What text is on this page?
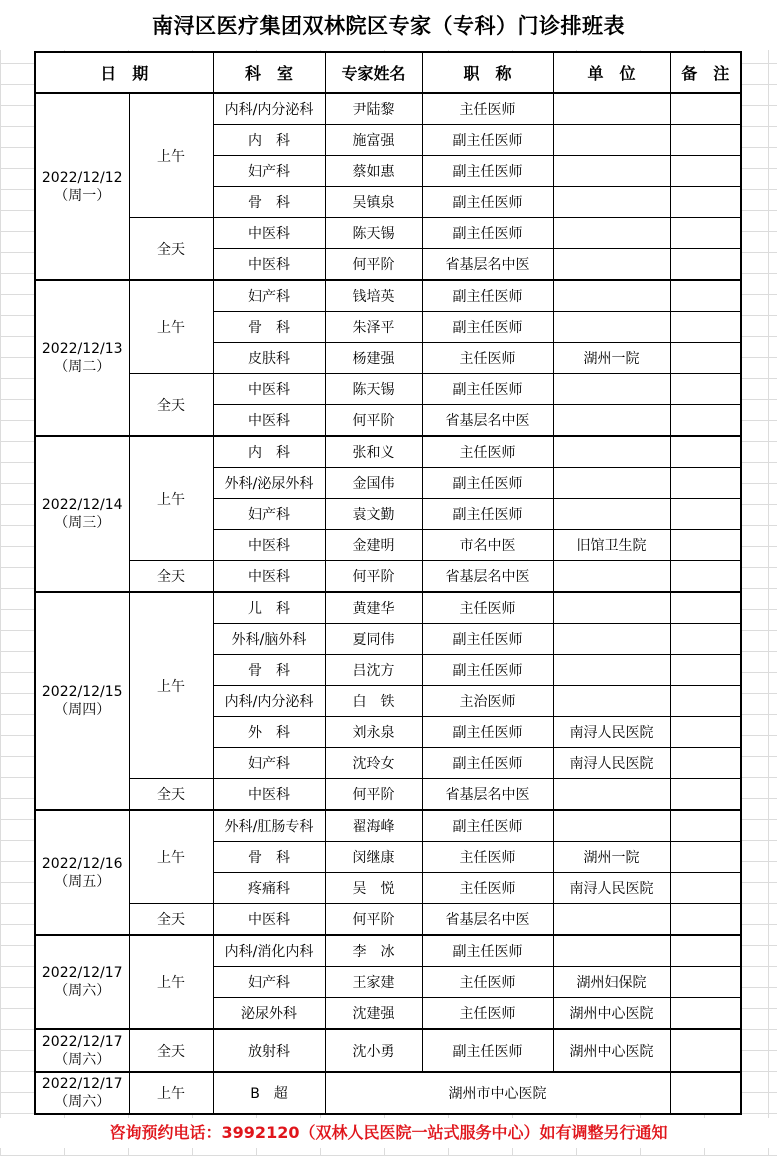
南浔区医疗集团双林院区专家（专科）门诊排班表
日　期		科　室	专家姓名	职　称	单　位	备　注
2022/12/12
（周一）	上午	内科/内分泌科	尹陆黎	主任医师		
		内　科	施富强	副主任医师		
		妇产科	蔡如惠	副主任医师		
		骨　科	吴镇泉	副主任医师		
	全天	中医科	陈天锡	副主任医师		
		中医科	何平阶	省基层名中医		
2022/12/13
（周二）	上午	妇产科	钱培英	副主任医师		
		骨　科	朱泽平	副主任医师		
		皮肤科	杨建强	主任医师	湖州一院	
	全天	中医科	陈天锡	副主任医师		
		中医科	何平阶	省基层名中医		
2022/12/14
（周三）	上午	内　科	张和义	主任医师		
		外科/泌尿外科	金国伟	副主任医师		
		妇产科	袁文勤	副主任医师		
		中医科	金建明	市名中医	旧馆卫生院	
	全天	中医科	何平阶	省基层名中医		
2022/12/15
（周四）	上午	儿　科	黄建华	主任医师		
		外科/脑外科	夏同伟	副主任医师		
		骨　科	吕沈方	副主任医师		
		内科/内分泌科	白　铁	主治医师		
		外　科	刘永泉	副主任医师	南浔人民医院	
		妇产科	沈玲女	副主任医师	南浔人民医院	
	全天	中医科	何平阶	省基层名中医		
2022/12/16
（周五）	上午	外科/肛肠专科	翟海峰	副主任医师		
		骨　科	闵继康	主任医师	湖州一院	
		疼痛科	吴　悦	主任医师	南浔人民医院	
	全天	中医科	何平阶	省基层名中医		
2022/12/17
（周六）	上午	内科/消化内科	李　冰	副主任医师		
		妇产科	王家建	主任医师	湖州妇保院	
		泌尿外科	沈建强	主任医师	湖州中心医院	
2022/12/17
（周六）	全天	放射科	沈小勇	副主任医师	湖州中心医院	
2022/12/17
（周六）	上午	B　超	湖州市中心医院			
咨询预约电话：3992120（双林人民医院一站式服务中心）如有调整另行通知
